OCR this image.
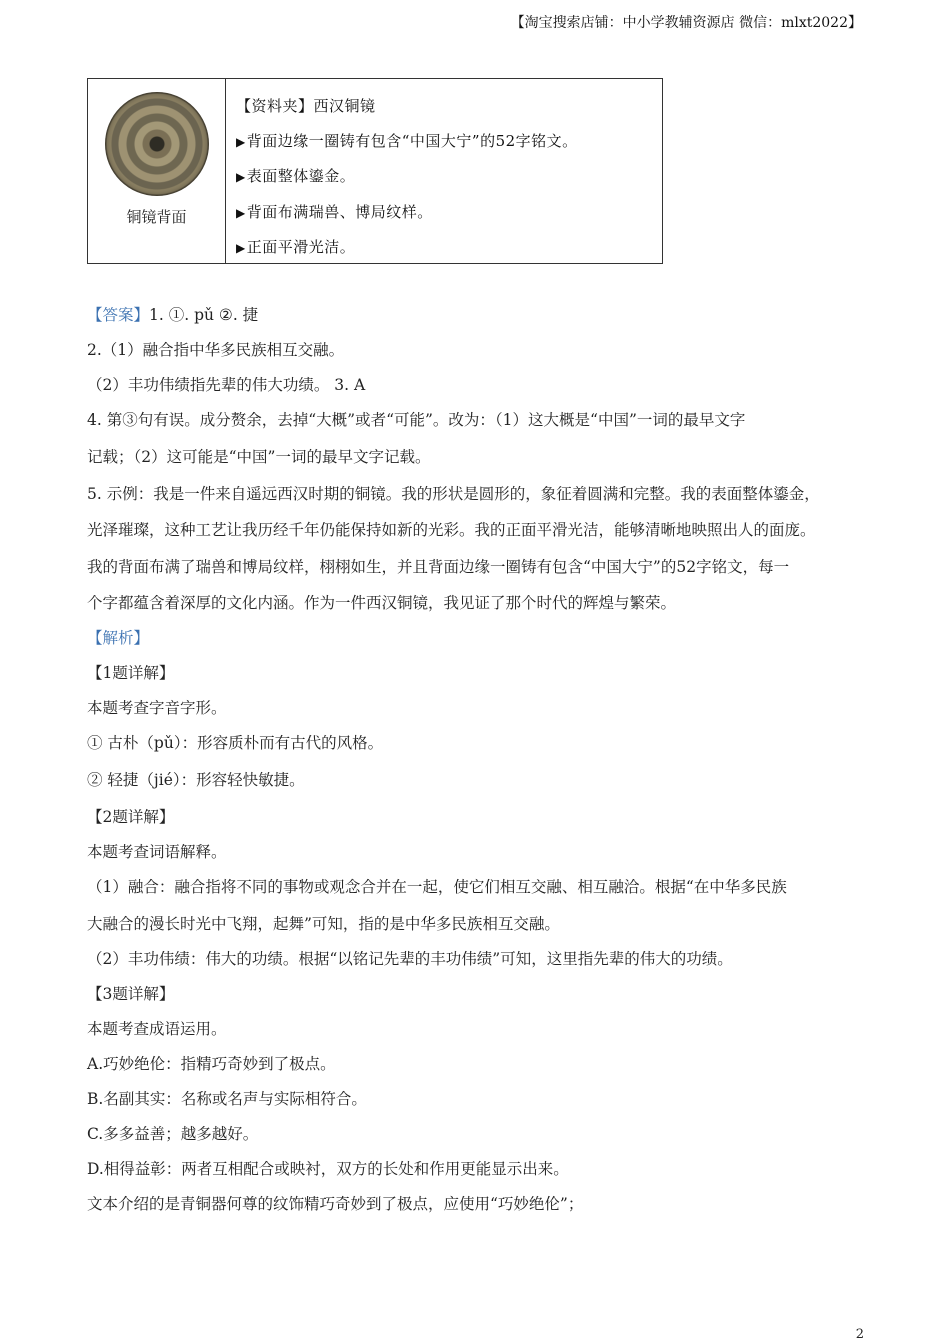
【淘宝搜索店铺：中小学教辅资源店 微信：mlxt2022】
铜镜背面
【资料夹】西汉铜镜
▶背面边缘一圈铸有包含“中国大宁”的52字铭文。
▶表面整体鎏金。
▶背面布满瑞兽、博局纹样。
▶正面平滑光洁。
【答案】1. ①. pǔ ②. 捷
2.（1）融合指中华多民族相互交融。
（2）丰功伟绩指先辈的伟大功绩。 3. A
4. 第③句有误。成分赘余，去掉“大概”或者“可能”。改为：（1）这大概是“中国”一词的最早文字
记载；（2）这可能是“中国”一词的最早文字记载。
5. 示例：我是一件来自遥远西汉时期的铜镜。我的形状是圆形的，象征着圆满和完整。我的表面整体鎏金，
光泽璀璨，这种工艺让我历经千年仍能保持如新的光彩。我的正面平滑光洁，能够清晰地映照出人的面庞。
我的背面布满了瑞兽和博局纹样，栩栩如生，并且背面边缘一圈铸有包含“中国大宁”的52字铭文，每一
个字都蕴含着深厚的文化内涵。作为一件西汉铜镜，我见证了那个时代的辉煌与繁荣。
【解析】
【1题详解】
本题考查字音字形。
① 古朴（pǔ）：形容质朴而有古代的风格。
② 轻捷（jié）：形容轻快敏捷。
【2题详解】
本题考查词语解释。
（1）融合：融合指将不同的事物或观念合并在一起，使它们相互交融、相互融洽。根据“在中华多民族
大融合的漫长时光中飞翔，起舞”可知，指的是中华多民族相互交融。
（2）丰功伟绩：伟大的功绩。根据“以铭记先辈的丰功伟绩”可知，这里指先辈的伟大的功绩。
【3题详解】
本题考查成语运用。
A.巧妙绝伦：指精巧奇妙到了极点。
B.名副其实：名称或名声与实际相符合。
C.多多益善；越多越好。
D.相得益彰：两者互相配合或映衬，双方的长处和作用更能显示出来。
文本介绍的是青铜器何尊的纹饰精巧奇妙到了极点，应使用“巧妙绝伦”；
2
